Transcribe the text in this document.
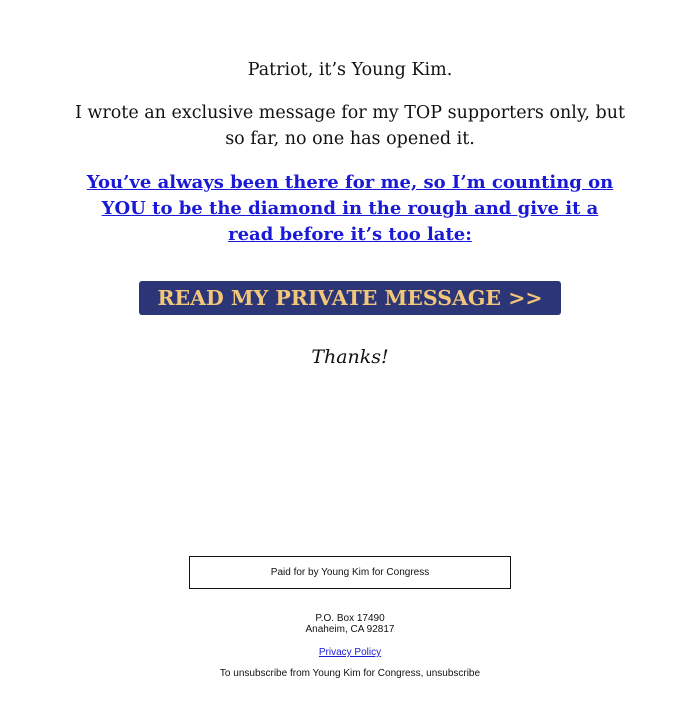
Patriot, it’s Young Kim.
I wrote an exclusive message for my TOP supporters only, but so far, no one has opened it.
You’ve always been there for me, so I’m counting on YOU to be the diamond in the rough and give it a read before it’s too late:
READ MY PRIVATE MESSAGE >>
Thanks!
Paid for by Young Kim for Congress
P.O. Box 17490
Anaheim, CA 92817
Privacy Policy
To unsubscribe from Young Kim for Congress, unsubscribe
